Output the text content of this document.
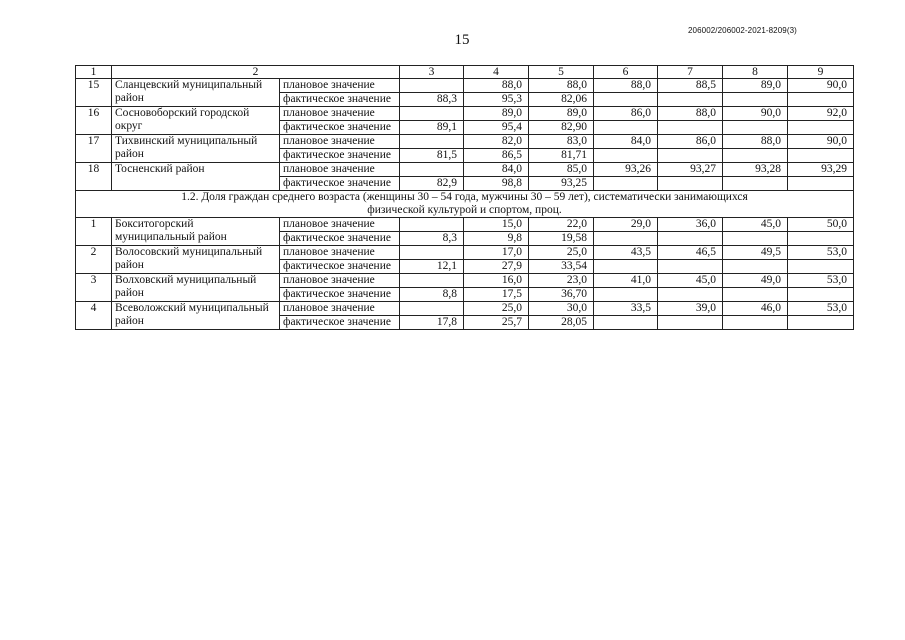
15
206002/206002-2021-8209(3)
1	2		3	4	5	6	7	8	9
15	Сланцевский муниципальный район	плановое значение		88,0	88,0	88,0	88,5	89,0	90,0
		фактическое значение	88,3	95,3	82,06				
16	Сосновоборский городской округ	плановое значение		89,0	89,0	86,0	88,0	90,0	92,0
		фактическое значение	89,1	95,4	82,90				
17	Тихвинский муниципальный район	плановое значение		82,0	83,0	84,0	86,0	88,0	90,0
		фактическое значение	81,5	86,5	81,71				
18	Тосненский район	плановое значение		84,0	85,0	93,26	93,27	93,28	93,29
		фактическое значение	82,9	98,8	93,25				

1.2. Доля граждан среднего возраста (женщины 30 – 54 года, мужчины 30 – 59 лет), систематически занимающихся
физической культурой и спортом, проц.									

1	Бокситогорский муниципальный район	плановое значение		15,0	22,0	29,0	36,0	45,0	50,0
		фактическое значение	8,3	9,8	19,58				
2	Волосовский муниципальный район	плановое значение		17,0	25,0	43,5	46,5	49,5	53,0
		фактическое значение	12,1	27,9	33,54				
3	Волховский муниципальный район	плановое значение		16,0	23,0	41,0	45,0	49,0	53,0
		фактическое значение	8,8	17,5	36,70				
4	Всеволожский муниципальный район	плановое значение		25,0	30,0	33,5	39,0	46,0	53,0
		фактическое значение	17,8	25,7	28,05				
